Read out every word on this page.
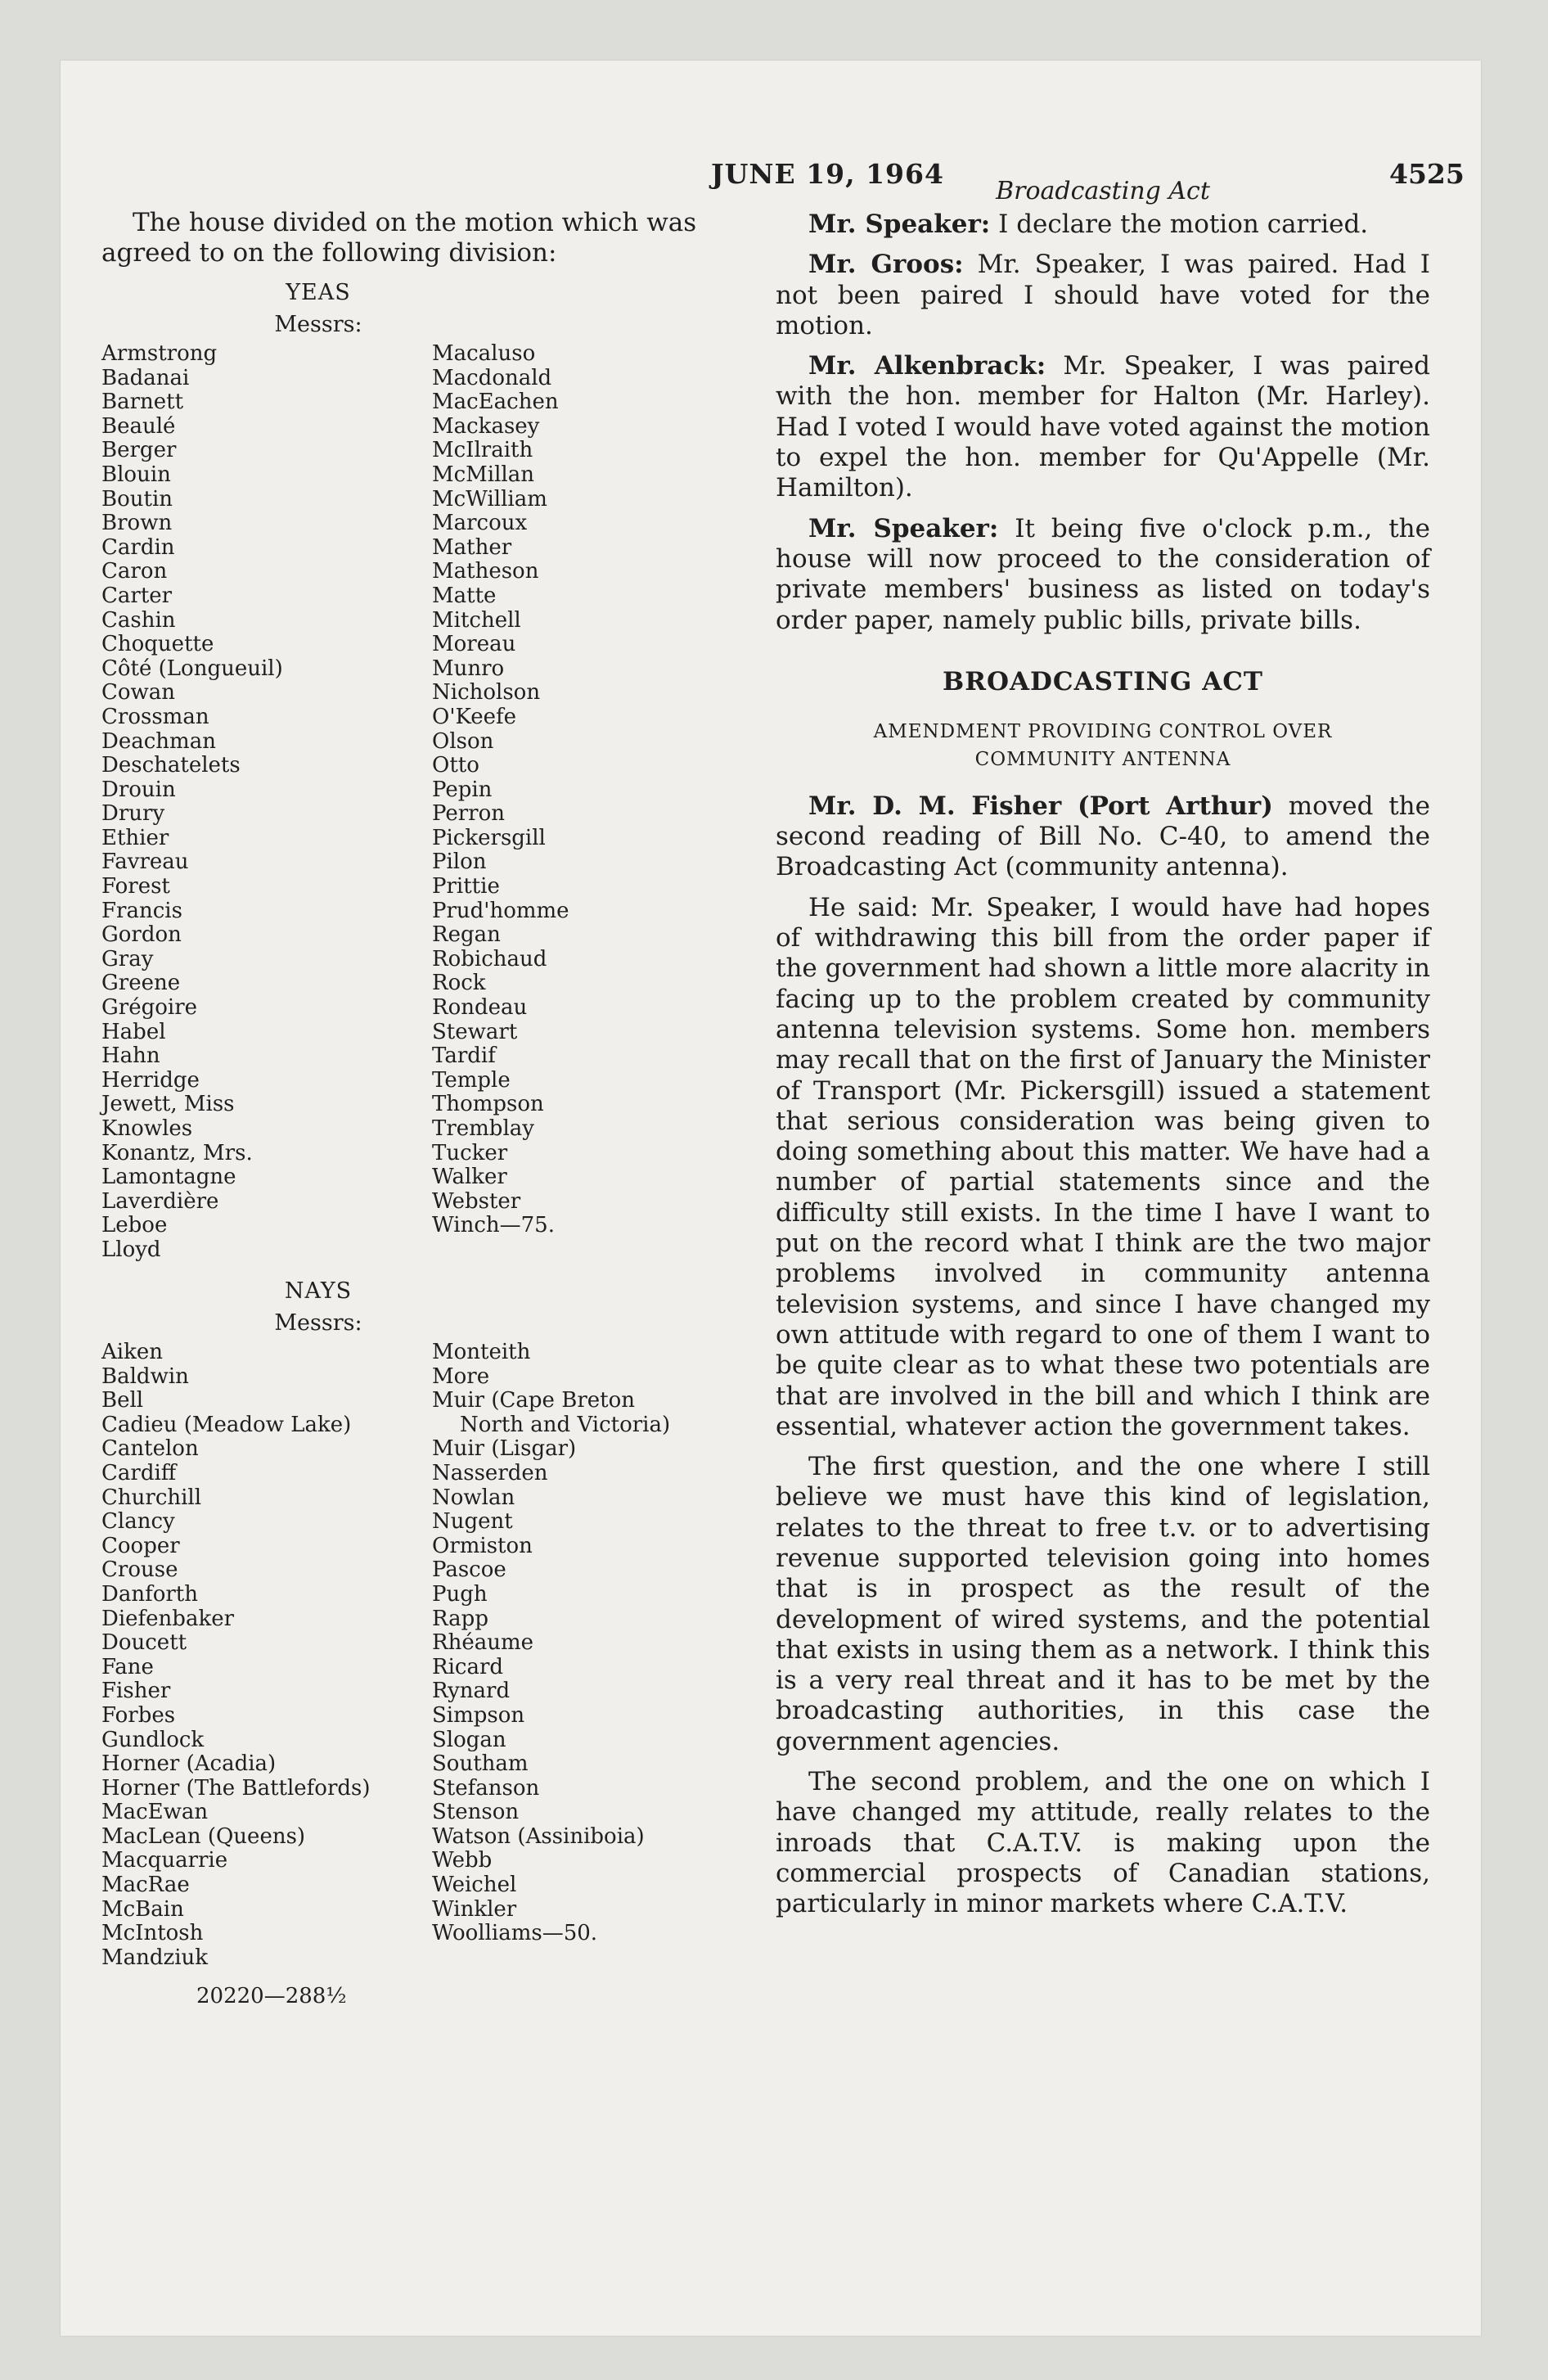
JUNE 19, 1964	4525

The house divided on the motion which was agreed to on the following division:

YEAS

Messrs:

Armstrong
Badanai
Barnett
Beaulé
Berger
Blouin
Boutin
Brown
Cardin
Caron
Carter
Cashin
Choquette
Côté (Longueuil)
Cowan
Crossman
Deachman
Deschatelets
Drouin
Drury
Ethier
Favreau
Forest
Francis
Gordon
Gray
Greene
Grégoire
Habel
Hahn
Herridge
Jewett, Miss
Knowles
Konantz, Mrs.
Lamontagne
Laverdière
Leboe
Lloyd
Macaluso
Macdonald
MacEachen
Mackasey
McIlraith
McMillan
McWilliam
Marcoux
Mather
Matheson
Matte
Mitchell
Moreau
Munro
Nicholson
O'Keefe
Olson
Otto
Pepin
Perron
Pickersgill
Pilon
Prittie
Prud'homme
Regan
Robichaud
Rock
Rondeau
Stewart
Tardif
Temple
Thompson
Tremblay
Tucker
Walker
Webster
Winch—75.

NAYS

Messrs:

Aiken
Baldwin
Bell
Cadieu (Meadow Lake)
Cantelon
Cardiff
Churchill
Clancy
Cooper
Crouse
Danforth
Diefenbaker
Doucett
Fane
Fisher
Forbes
Gundlock
Horner (Acadia)
Horner (The Battlefords)
MacEwan
MacLean (Queens)
Macquarrie
MacRae
McBain
McIntosh
Mandziuk
Monteith
More
Muir (Cape Breton
North and Victoria)
Muir (Lisgar)
Nasserden
Nowlan
Nugent
Ormiston
Pascoe
Pugh
Rapp
Rhéaume
Ricard
Rynard
Simpson
Slogan
Southam
Stefanson
Stenson
Watson (Assiniboia)
Webb
Weichel
Winkler
Woolliams—50.
20220—288½

Broadcasting Act

Mr. Speaker: I declare the motion carried.

Mr. Groos: Mr. Speaker, I was paired. Had I not been paired I should have voted for the motion.

Mr. Alkenbrack: Mr. Speaker, I was paired with the hon. member for Halton (Mr. Harley). Had I voted I would have voted against the motion to expel the hon. member for Qu'Appelle (Mr. Hamilton).

Mr. Speaker: It being five o'clock p.m., the house will now proceed to the consideration of private members' business as listed on today's order paper, namely public bills, private bills.

BROADCASTING ACT

AMENDMENT PROVIDING CONTROL OVER
COMMUNITY ANTENNA

Mr. D. M. Fisher (Port Arthur) moved the second reading of Bill No. C-40, to amend the Broadcasting Act (community antenna).

He said: Mr. Speaker, I would have had hopes of withdrawing this bill from the order paper if the government had shown a little more alacrity in facing up to the problem created by community antenna television systems. Some hon. members may recall that on the first of January the Minister of Transport (Mr. Pickersgill) issued a statement that serious consideration was being given to doing something about this matter. We have had a number of partial statements since and the difficulty still exists. In the time I have I want to put on the record what I think are the two major problems involved in community antenna television systems, and since I have changed my own attitude with regard to one of them I want to be quite clear as to what these two potentials are that are involved in the bill and which I think are essential, whatever action the government takes.

The first question, and the one where I still believe we must have this kind of legislation, relates to the threat to free t.v. or to advertising revenue supported television going into homes that is in prospect as the result of the development of wired systems, and the potential that exists in using them as a network. I think this is a very real threat and it has to be met by the broadcasting authorities, in this case the government agencies.

The second problem, and the one on which I have changed my attitude, really relates to the inroads that C.A.T.V. is making upon the commercial prospects of Canadian stations, particularly in minor markets where C.A.T.V.
